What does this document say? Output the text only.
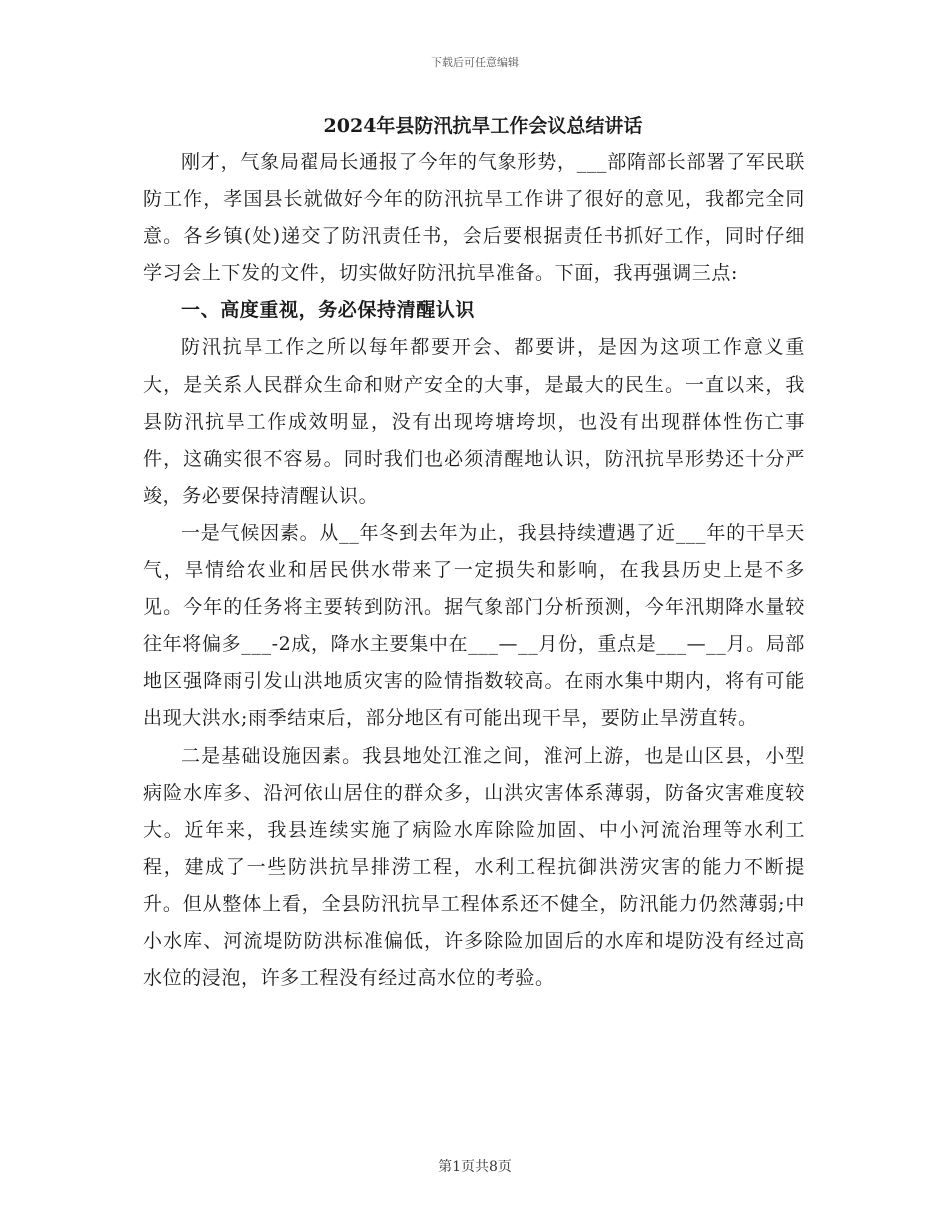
下载后可任意编辑
2024年县防汛抗旱工作会议总结讲话

刚才，气象局翟局长通报了今年的气象形势，___部隋部长部署了军民联防工作，孝国县长就做好今年的防汛抗旱工作讲了很好的意见，我都完全同意。各乡镇(处)递交了防汛责任书，会后要根据责任书抓好工作，同时仔细学习会上下发的文件，切实做好防汛抗旱准备。下面，我再强调三点:

一、高度重视，务必保持清醒认识

防汛抗旱工作之所以每年都要开会、都要讲，是因为这项工作意义重大，是关系人民群众生命和财产安全的大事，是最大的民生。一直以来，我县防汛抗旱工作成效明显，没有出现垮塘垮坝，也没有出现群体性伤亡事件，这确实很不容易。同时我们也必须清醒地认识，防汛抗旱形势还十分严竣，务必要保持清醒认识。

一是气候因素。从__年冬到去年为止，我县持续遭遇了近___年的干旱天气，旱情给农业和居民供水带来了一定损失和影响，在我县历史上是不多见。今年的任务将主要转到防汛。据气象部门分析预测，今年汛期降水量较往年将偏多___-2成，降水主要集中在___—__月份，重点是___—__月。局部地区强降雨引发山洪地质灾害的险情指数较高。在雨水集中期内，将有可能出现大洪水;雨季结束后，部分地区有可能出现干旱，要防止旱涝直转。

二是基础设施因素。我县地处江淮之间，淮河上游，也是山区县，小型病险水库多、沿河依山居住的群众多，山洪灾害体系薄弱，防备灾害难度较大。近年来，我县连续实施了病险水库除险加固、中小河流治理等水利工程，建成了一些防洪抗旱排涝工程，水利工程抗御洪涝灾害的能力不断提升。但从整体上看，全县防汛抗旱工程体系还不健全，防汛能力仍然薄弱;中小水库、河流堤防防洪标准偏低，许多除险加固后的水库和堤防没有经过高水位的浸泡，许多工程没有经过高水位的考验。

第1页共8页
